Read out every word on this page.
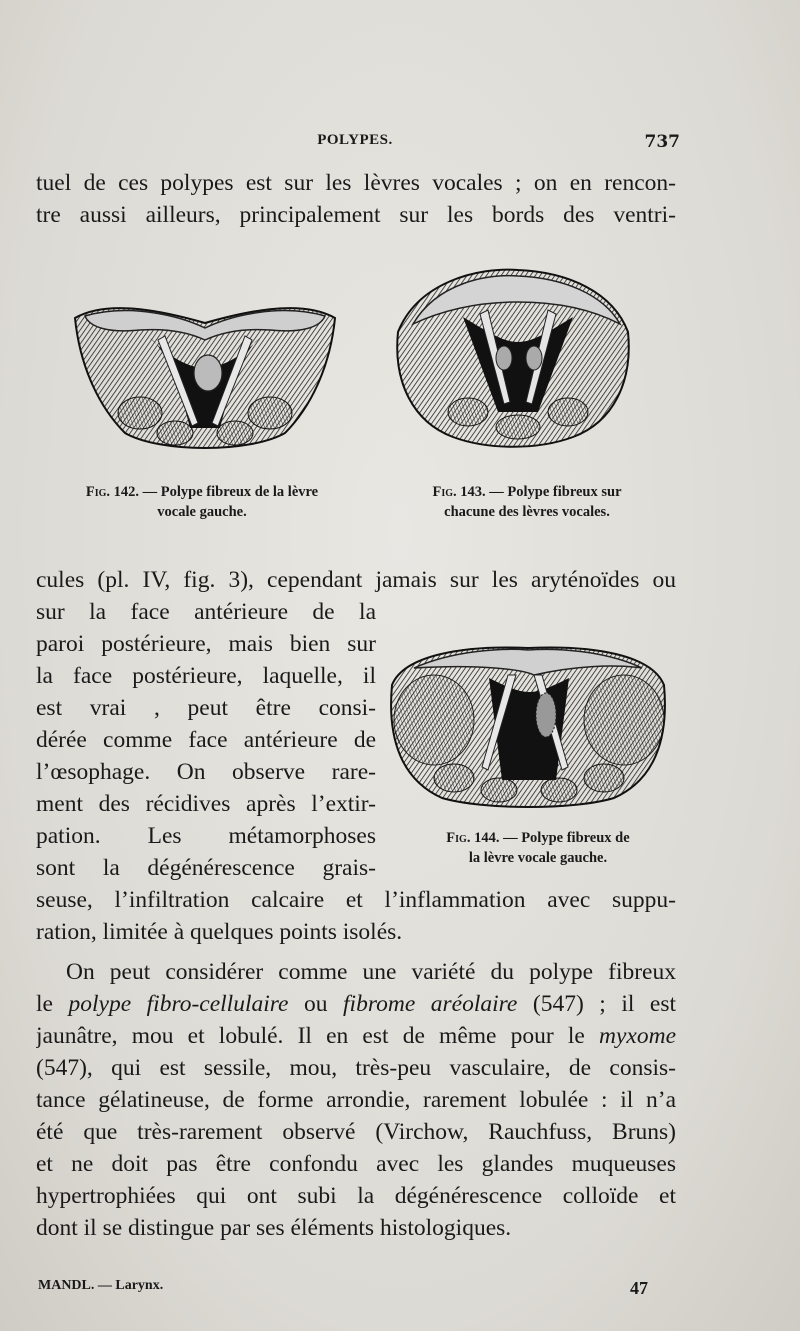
POLYPES.	737
tuel de ces polypes est sur les lèvres vocales ; on en rencon-
tre aussi ailleurs, principalement sur les bords des ventri-
Fig. 142. — Polype fibreux de la lèvre
vocale gauche.
Fig. 143. — Polype fibreux sur
chacune des lèvres vocales.
Fig. 144. — Polype fibreux de
la lèvre vocale gauche.
cules (pl. IV, fig. 3), cependant jamais sur les aryténoïdes ou
sur la face antérieure de la
paroi postérieure, mais bien sur
la face postérieure, laquelle, il
est vrai , peut être consi-
dérée comme face antérieure de
l’œsophage. On observe rare-
ment des récidives après l’extir-
pation. Les métamorphoses
sont la dégénérescence grais-
seuse, l’infiltration calcaire et l’inflammation avec suppu-
ration, limitée à quelques points isolés.
On peut considérer comme une variété du polype fibreux
le polype fibro-cellulaire ou fibrome aréolaire (547) ; il est
jaunâtre, mou et lobulé. Il en est de même pour le myxome
(547), qui est sessile, mou, très-peu vasculaire, de consis-
tance gélatineuse, de forme arrondie, rarement lobulée : il n’a
été que très-rarement observé (Virchow, Rauchfuss, Bruns)
et ne doit pas être confondu avec les glandes muqueuses
hypertrophiées qui ont subi la dégénérescence colloïde et
dont il se distingue par ses éléments histologiques.
MANDL. — Larynx.	47
